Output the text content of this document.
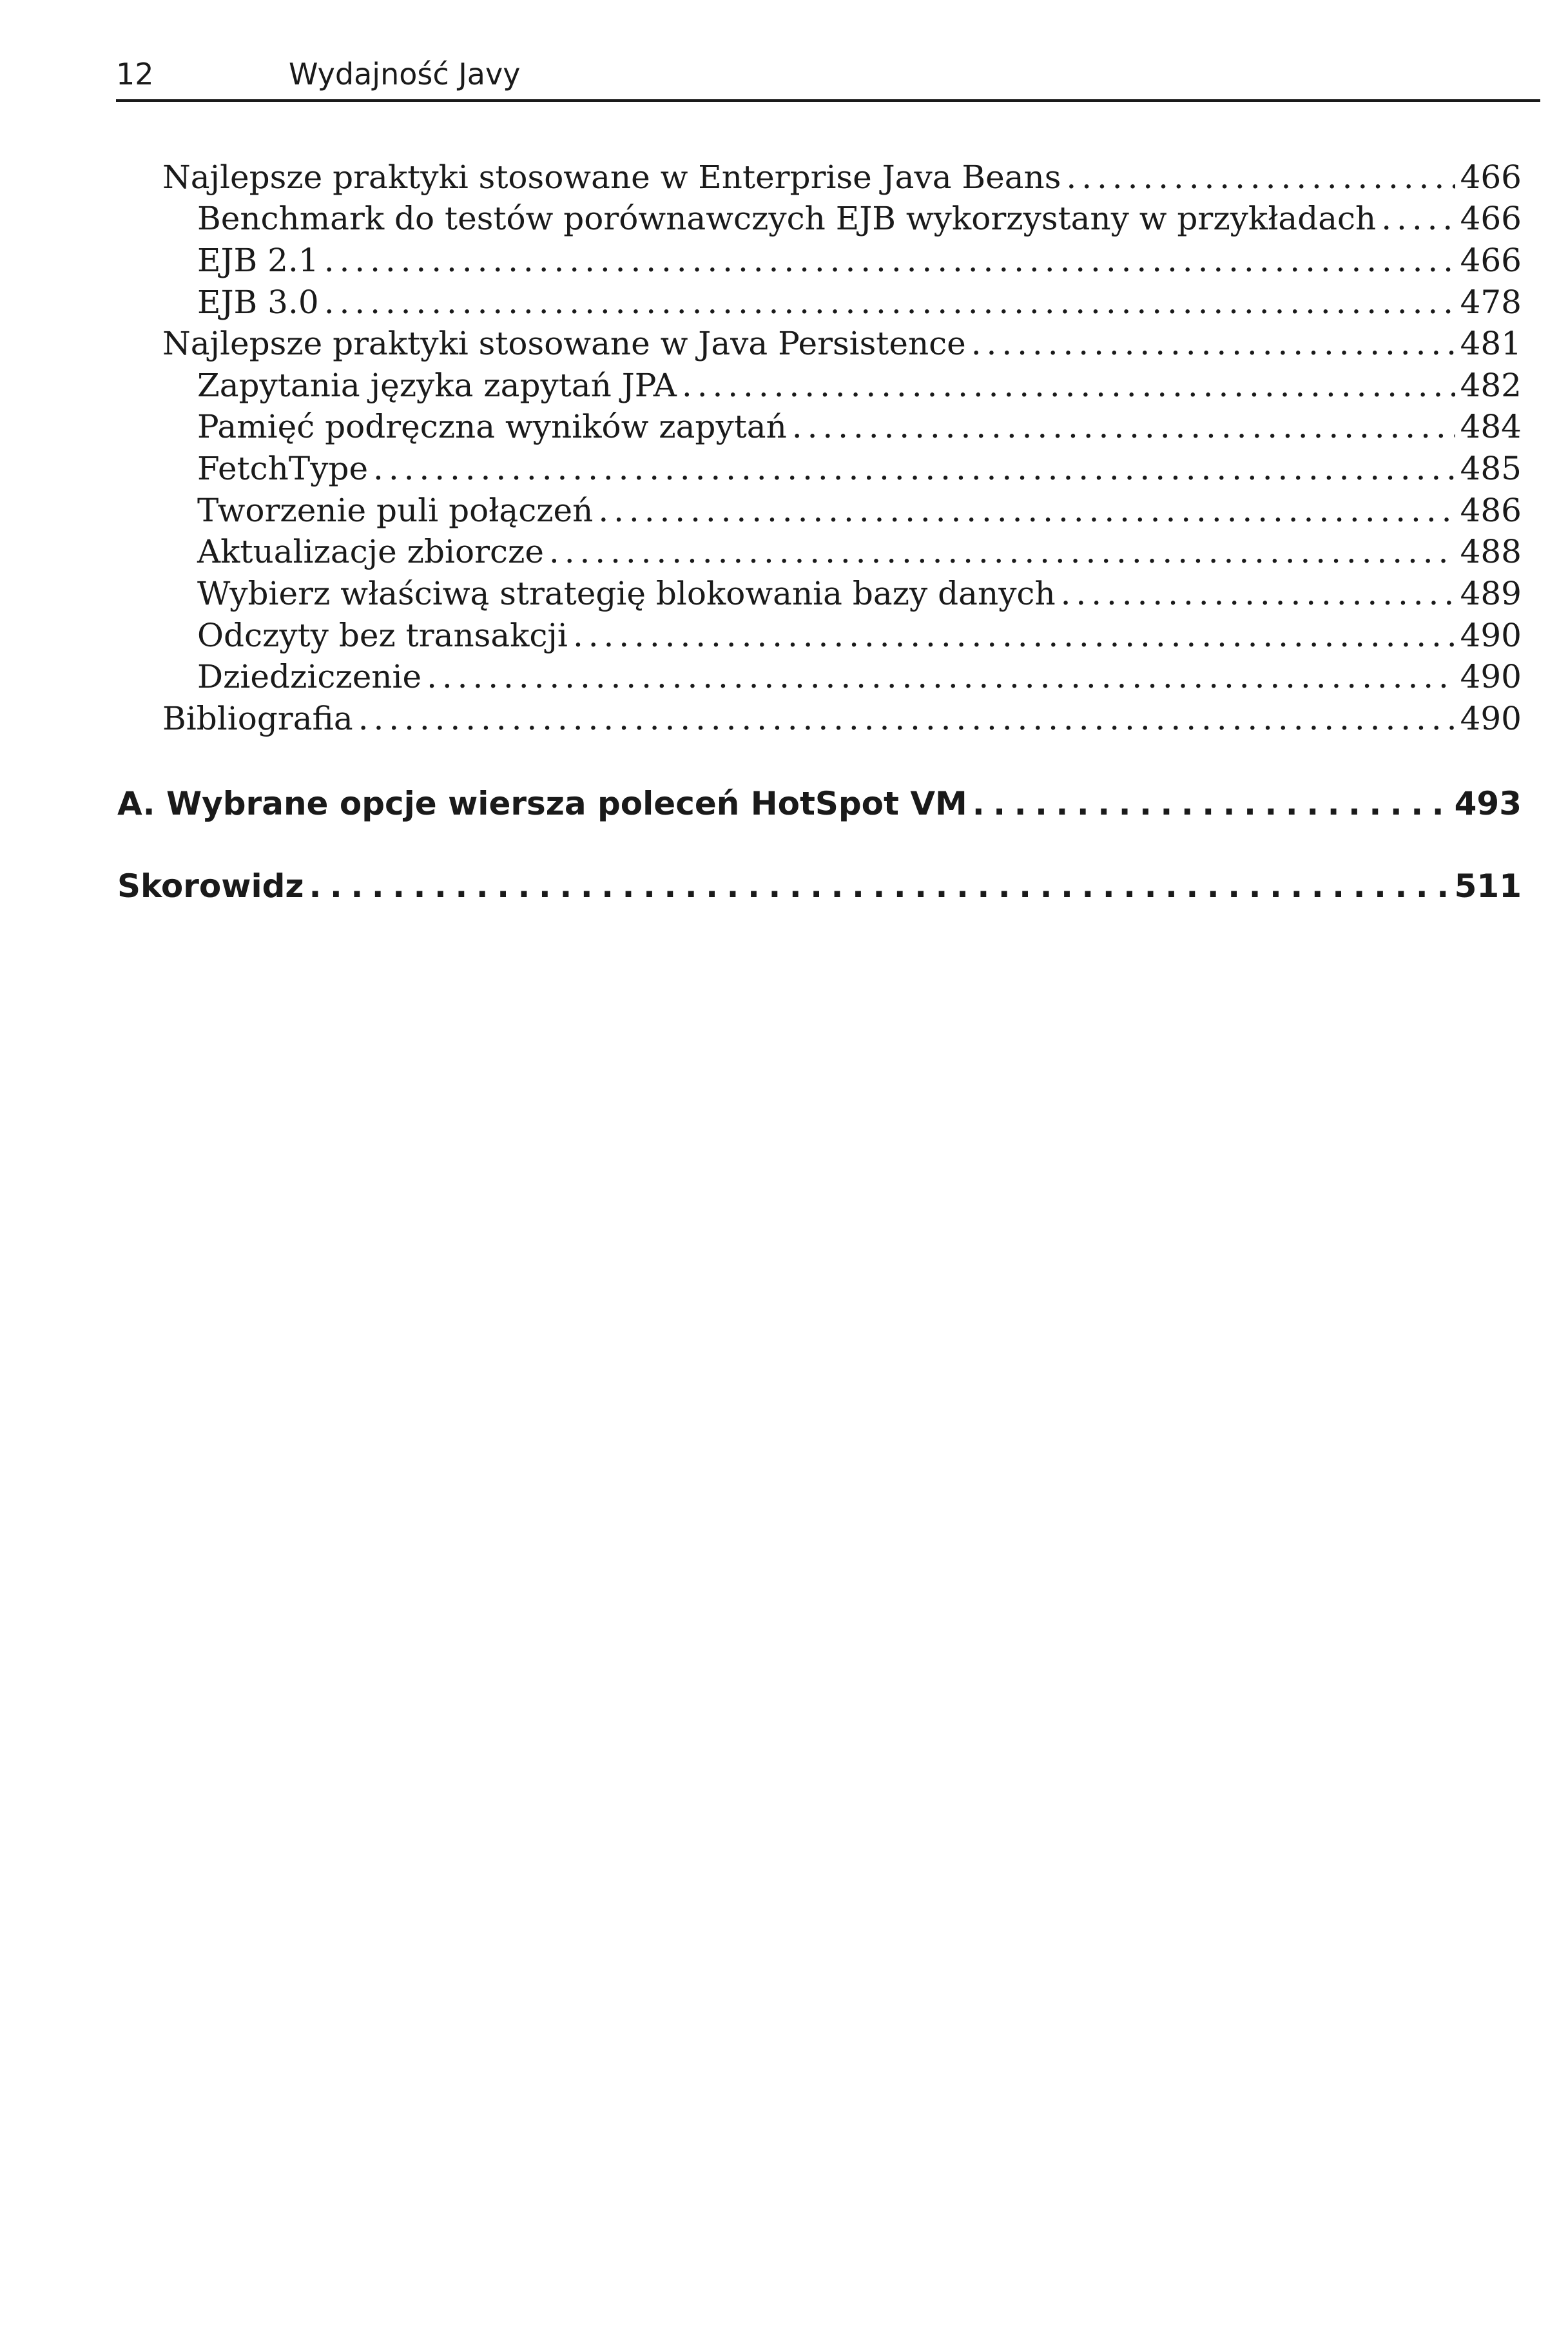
12	Wydajność Javy
Najlepsze praktyki stosowane w Enterprise Java Beans . . .	466
Benchmark do testów porównawczych EJB wykorzystany w przykładach . . .	466
EJB 2.1 . . .	466
EJB 3.0 . . .	478
Najlepsze praktyki stosowane w Java Persistence . . .	481
Zapytania języka zapytań JPA . . .	482
Pamięć podręczna wyników zapytań . . .	484
FetchType . . .	485
Tworzenie puli połączeń . . .	486
Aktualizacje zbiorcze . . .	488
Wybierz właściwą strategię blokowania bazy danych . . .	489
Odczyty bez transakcji . . .	490
Dziedziczenie . . .	490
Bibliografia . . .	490
A. Wybrane opcje wiersza poleceń HotSpot VM . . .	493
Skorowidz . . .	511
